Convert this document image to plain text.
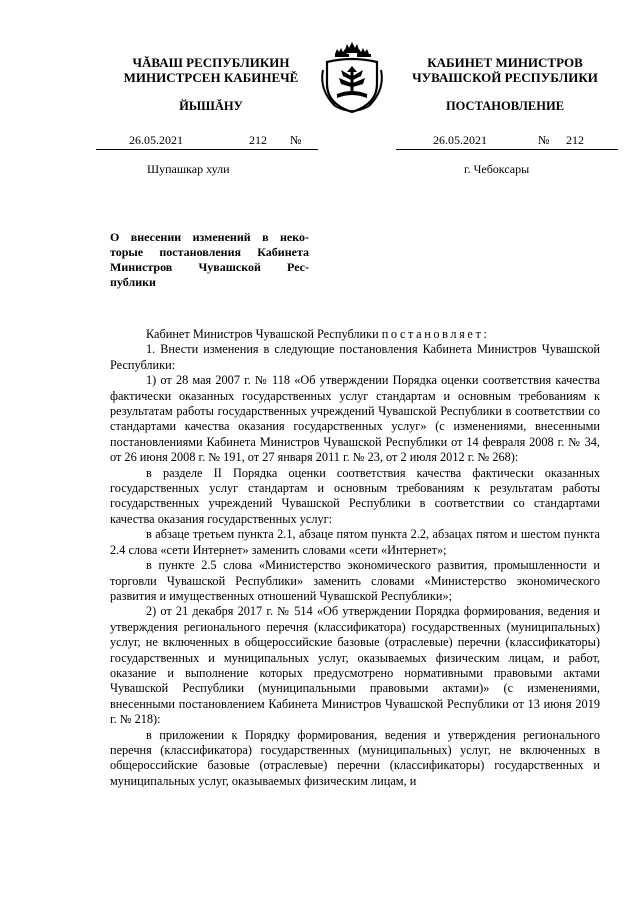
ЧĂВАШ РЕСПУБЛИКИН
МИНИСТРСЕН КАБИНЕЧĚ
ЙЫШĂНУ
КАБИНЕТ МИНИСТРОВ
ЧУВАШСКОЙ РЕСПУБЛИКИ
ПОСТАНОВЛЕНИЕ
26.05.2021	212 №	26.05.2021	№ 212
Шупашкар хули	г. Чебоксары
О внесении изменений в неко-
торые постановления Кабинета
Министров Чувашской Рес-
публики

Кабинет Министров Чувашской Республики постановляет:

1. Внести изменения в следующие постановления Кабинета Министров Чувашской Республики:

1) от 28 мая 2007 г. № 118 «Об утверждении Порядка оценки соответствия качества фактически оказанных государственных услуг стандартам и основным требованиям к результатам работы государственных учреждений Чувашской Республики в соответствии со стандартами качества оказания государственных услуг» (с изменениями, внесенными постановлениями Кабинета Министров Чувашской Республики от 14 февраля 2008 г. № 34, от 26 июня 2008 г. № 191, от 27 января 2011 г. № 23, от 2 июля 2012 г. № 268):

в разделе II Порядка оценки соответствия качества фактически оказанных государственных услуг стандартам и основным требованиям к результатам работы государственных учреждений Чувашской Республики в соответствии со стандартами качества оказания государственных услуг:

в абзаце третьем пункта 2.1, абзаце пятом пункта 2.2, абзацах пятом и шестом пункта 2.4 слова «сети Интернет» заменить словами «сети «Интернет»;

в пункте 2.5 слова «Министерство экономического развития, промышленности и торговли Чувашской Республики» заменить словами «Министерство экономического развития и имущественных отношений Чувашской Республики»;

2) от 21 декабря 2017 г. № 514 «Об утверждении Порядка формирования, ведения и утверждения регионального перечня (классификатора) государственных (муниципальных) услуг, не включенных в общероссийские базовые (отраслевые) перечни (классификаторы) государственных и муниципальных услуг, оказываемых физическим лицам, и работ, оказание и выполнение которых предусмотрено нормативными правовыми актами Чувашской Республики (муниципальными правовыми актами)» (с изменениями, внесенными постановлением Кабинета Министров Чувашской Республики от 13 июня 2019 г. № 218):

в приложении к Порядку формирования, ведения и утверждения регионального перечня (классификатора) государственных (муниципальных) услуг, не включенных в общероссийские базовые (отраслевые) перечни (классификаторы) государственных и муниципальных услуг, оказываемых физическим лицам, и
